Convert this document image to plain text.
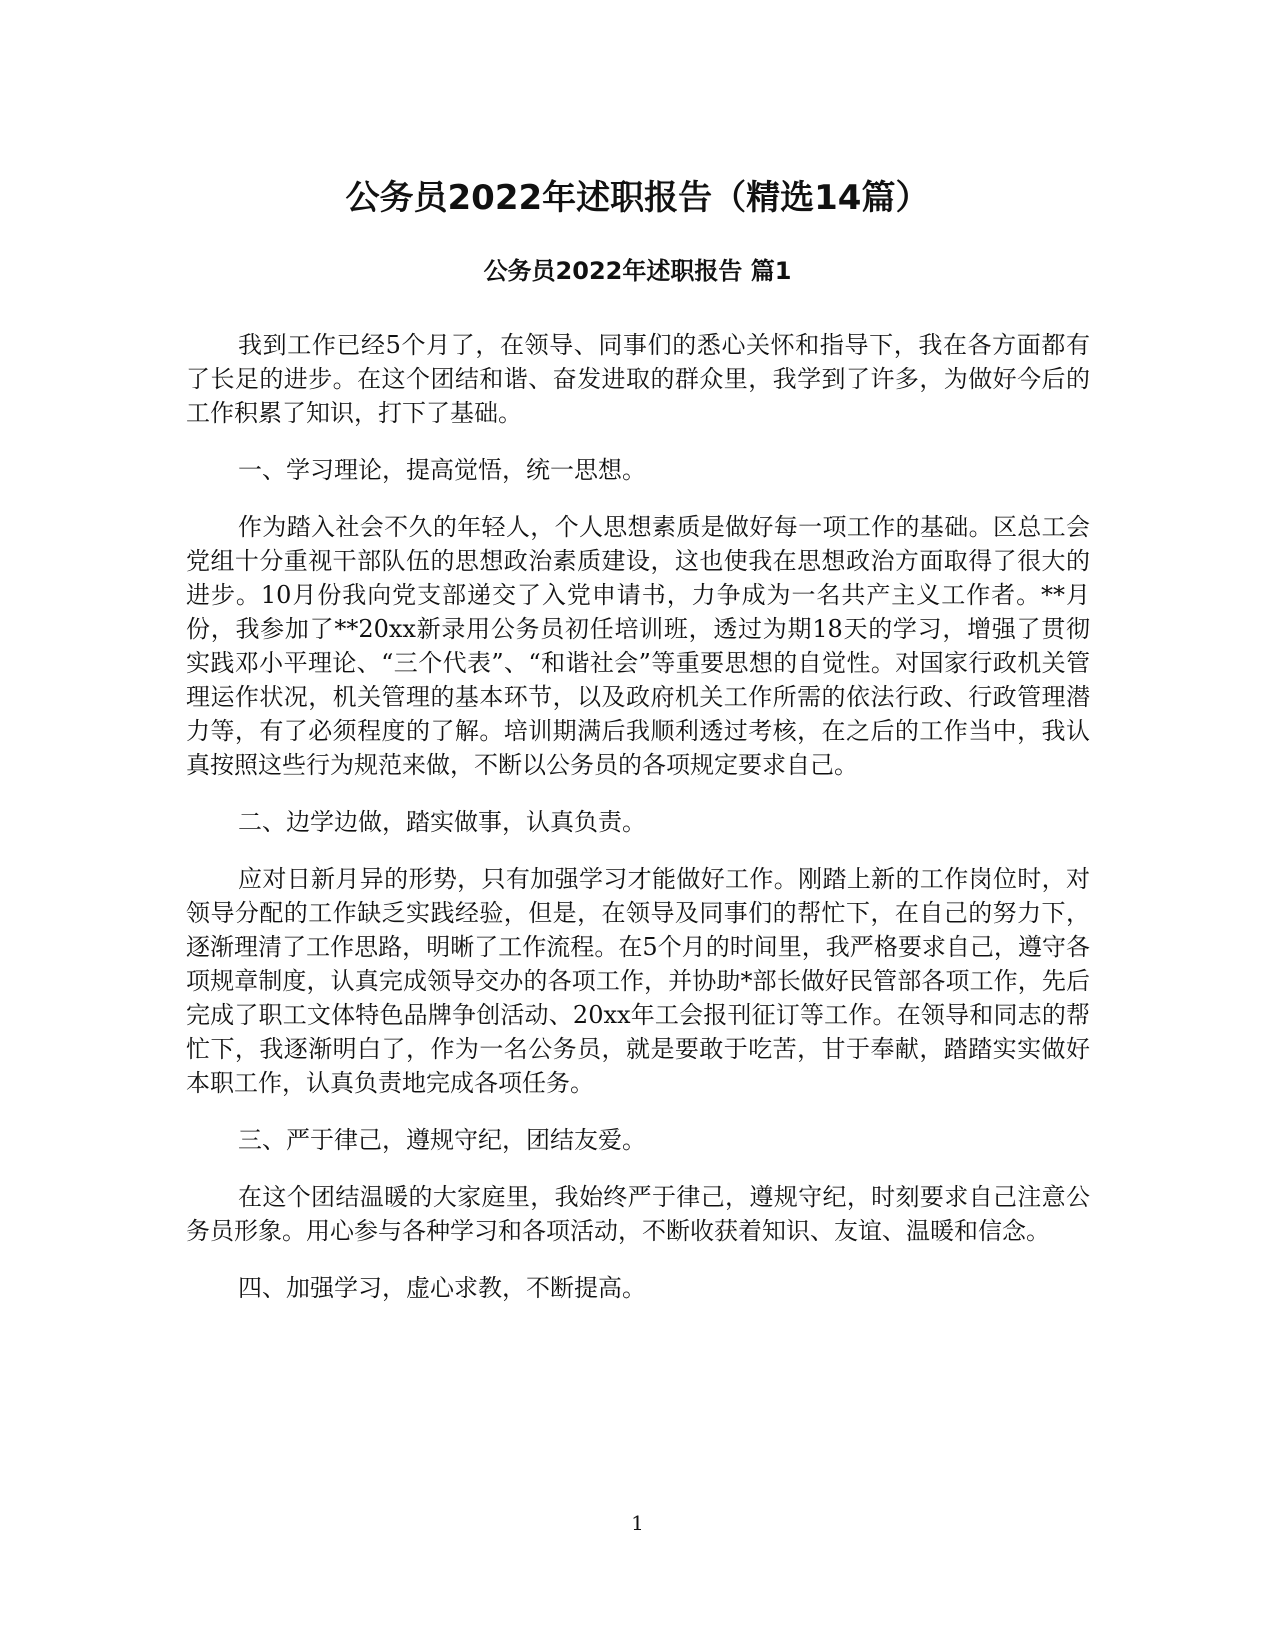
公务员2022年述职报告（精选14篇）
公务员2022年述职报告 篇1

我到工作已经5个月了，在领导、同事们的悉心关怀和指导下，我在各方面都有了长足的进步。在这个团结和谐、奋发进取的群众里，我学到了许多，为做好今后的工作积累了知识，打下了基础。

一、学习理论，提高觉悟，统一思想。

作为踏入社会不久的年轻人，个人思想素质是做好每一项工作的基础。区总工会党组十分重视干部队伍的思想政治素质建设，这也使我在思想政治方面取得了很大的进步。10月份我向党支部递交了入党申请书，力争成为一名共产主义工作者。**月份，我参加了**20xx新录用公务员初任培训班，透过为期18天的学习，增强了贯彻实践邓小平理论、“三个代表”、“和谐社会”等重要思想的自觉性。对国家行政机关管理运作状况，机关管理的基本环节，以及政府机关工作所需的依法行政、行政管理潜力等，有了必须程度的了解。培训期满后我顺利透过考核，在之后的工作当中，我认真按照这些行为规范来做，不断以公务员的各项规定要求自己。

二、边学边做，踏实做事，认真负责。

应对日新月异的形势，只有加强学习才能做好工作。刚踏上新的工作岗位时，对领导分配的工作缺乏实践经验，但是，在领导及同事们的帮忙下，在自己的努力下，逐渐理清了工作思路，明晰了工作流程。在5个月的时间里，我严格要求自己，遵守各项规章制度，认真完成领导交办的各项工作，并协助*部长做好民管部各项工作，先后完成了职工文体特色品牌争创活动、20xx年工会报刊征订等工作。在领导和同志的帮忙下，我逐渐明白了，作为一名公务员，就是要敢于吃苦，甘于奉献，踏踏实实做好本职工作，认真负责地完成各项任务。

三、严于律己，遵规守纪，团结友爱。

在这个团结温暖的大家庭里，我始终严于律己，遵规守纪，时刻要求自己注意公务员形象。用心参与各种学习和各项活动，不断收获着知识、友谊、温暖和信念。

四、加强学习，虚心求教，不断提高。

1
